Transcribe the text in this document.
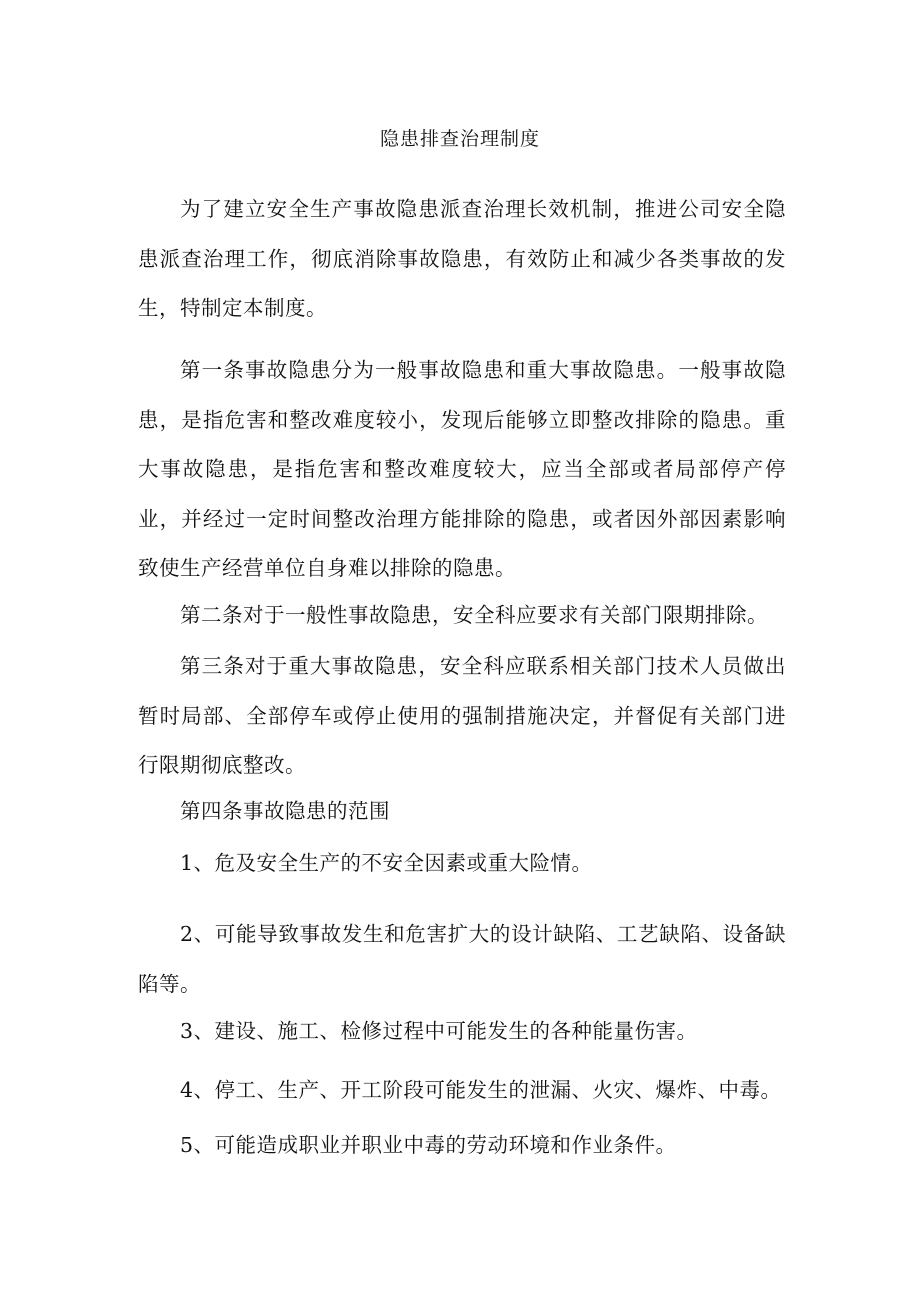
隐患排查治理制度

为了建立安全生产事故隐患派查治理长效机制，推进公司安全隐患派查治理工作，彻底消除事故隐患，有效防止和减少各类事故的发生，特制定本制度。

第一条事故隐患分为一般事故隐患和重大事故隐患。一般事故隐患，是指危害和整改难度较小，发现后能够立即整改排除的隐患。重大事故隐患，是指危害和整改难度较大，应当全部或者局部停产停业，并经过一定时间整改治理方能排除的隐患，或者因外部因素影响致使生产经营单位自身难以排除的隐患。

第二条对于一般性事故隐患，安全科应要求有关部门限期排除。

第三条对于重大事故隐患，安全科应联系相关部门技术人员做出暂时局部、全部停车或停止使用的强制措施决定，并督促有关部门进行限期彻底整改。

第四条事故隐患的范围

1、危及安全生产的不安全因素或重大险情。

2、可能导致事故发生和危害扩大的设计缺陷、工艺缺陷、设备缺陷等。

3、建设、施工、检修过程中可能发生的各种能量伤害。

4、停工、生产、开工阶段可能发生的泄漏、火灾、爆炸、中毒。

5、可能造成职业并职业中毒的劳动环境和作业条件。
